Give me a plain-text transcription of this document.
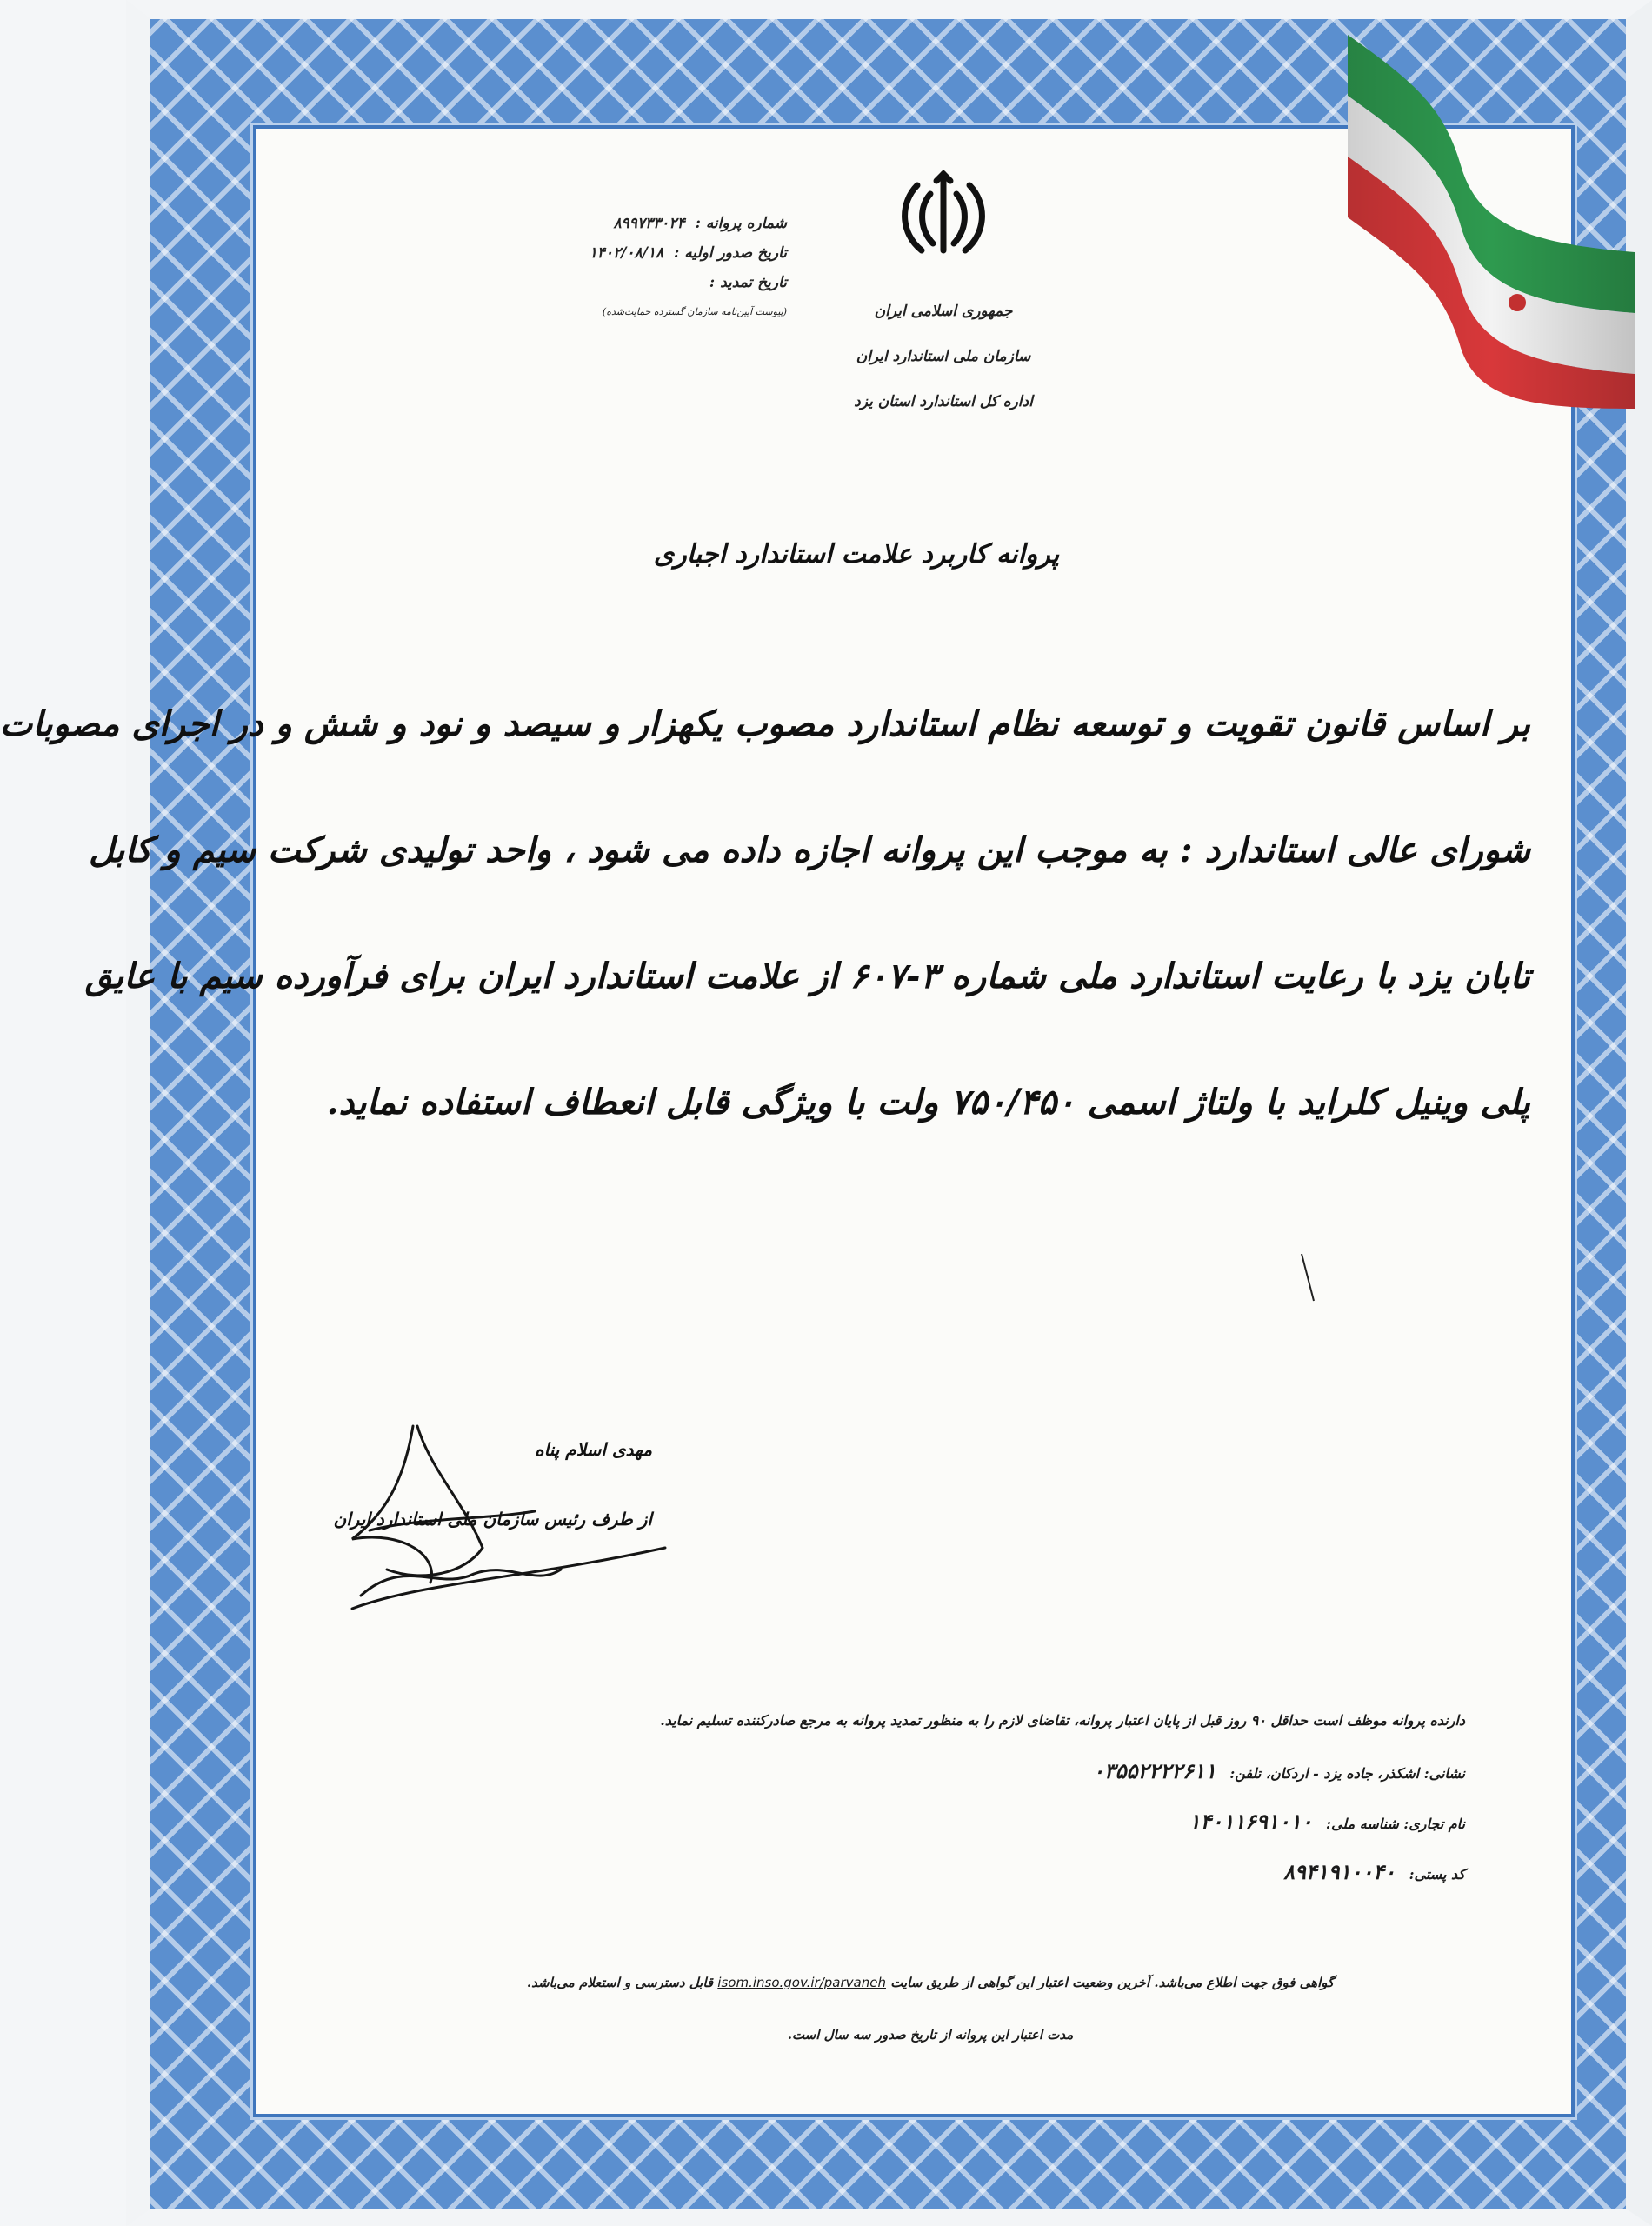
جمهوری اسلامی ایران
سازمان ملی استاندارد ایران
اداره کل استاندارد استان یزد
شماره پروانه : ۸۹۹۷۳۳۰۲۴
تاریخ صدور اولیه : ۱۴۰۲/۰۸/۱۸
تاریخ تمدید :
(پیوست آیین‌نامه سازمان گسترده حمایت‌شده)
پروانه کاربرد علامت استاندارد اجباری
بر اساس قانون تقویت و توسعه نظام استاندارد مصوب یکهزار و سیصد و نود و شش و در اجرای مصوبات
شورای عالی استاندارد : به موجب این پروانه اجازه داده می شود ، واحد تولیدی شرکت سیم و کابل
تابان یزد با رعایت استاندارد ملی شماره ۳-۶۰۷ از علامت استاندارد ایران برای فرآورده سیم با عایق
پلی وینیل کلراید با ولتاژ اسمی ۷۵۰/۴۵۰ ولت با ویژگی قابل انعطاف استفاده نماید.
مهدی اسلام پناه
از طرف رئیس سازمان ملی استاندارد ایران
دارنده پروانه موظف است حداقل ۹۰ روز قبل از پایان اعتبار پروانه، تقاضای لازم را به منظور تمدید پروانه به مرجع صادرکننده تسلیم نماید.
نشانی: اشکذر، جاده یزد - اردکان، تلفن: ۰۳۵۵۲۲۲۲۶۱۱
نام تجاری: شناسه ملی: ۱۴۰۱۱۶۹۱۰۱۰
کد پستی: ۸۹۴۱۹۱۰۰۴۰
گواهی فوق جهت اطلاع می‌باشد. آخرین وضعیت اعتبار این گواهی از طریق سایت isom.inso.gov.ir/parvaneh قابل دسترسی و استعلام می‌باشد.
مدت اعتبار این پروانه از تاریخ صدور سه سال است.
